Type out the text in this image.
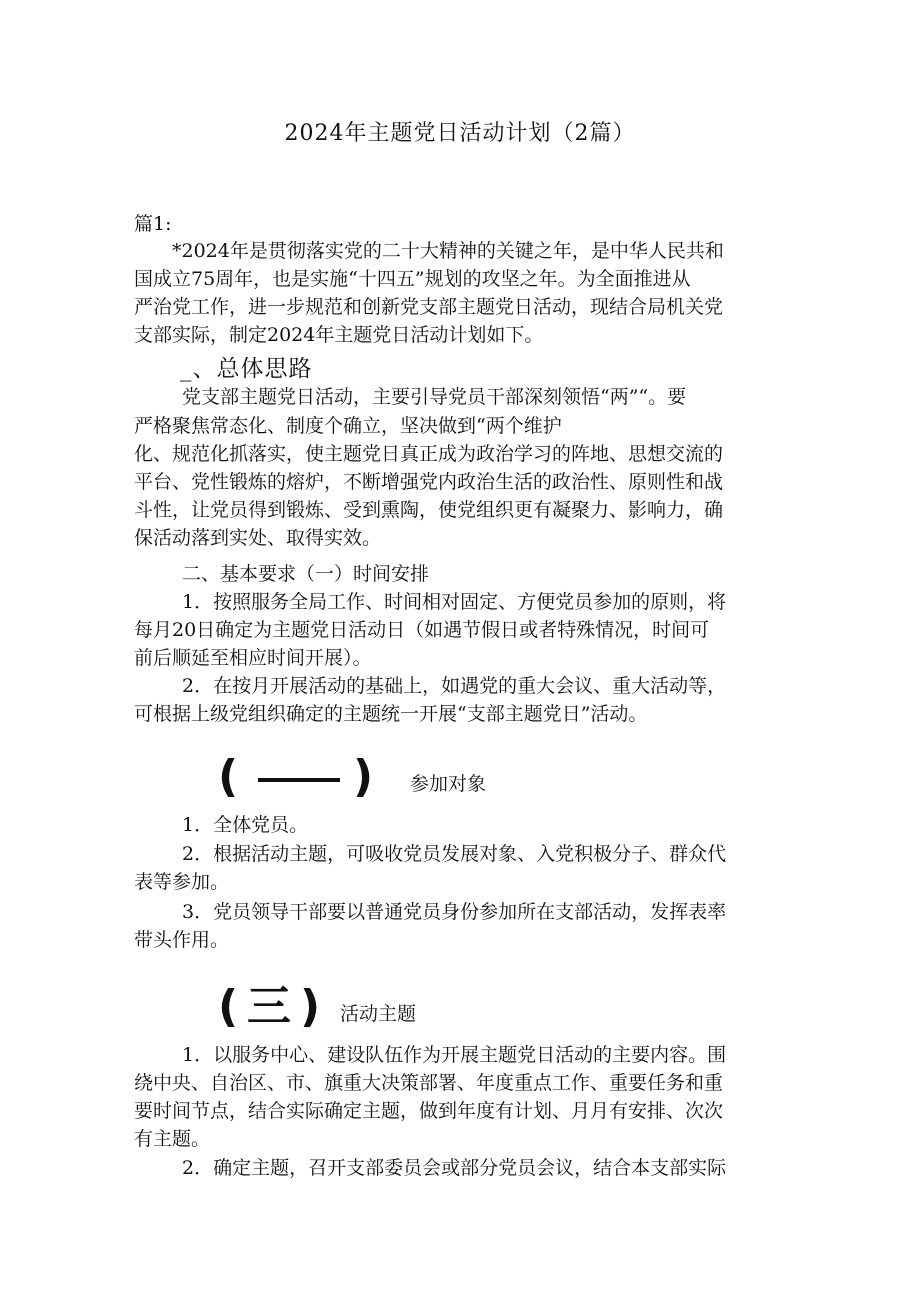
2024年主题党日活动计划（2篇）
篇1:
*2024年是贯彻落实党的二十大精神的关键之年，是中华人民共和
国成立75周年，也是实施“十四五”规划的攻坚之年。为全面推进从
严治党工作，进一步规范和创新党支部主题党日活动，现结合局机关党
支部实际，制定2024年主题党日活动计划如下。
_、总体思路
党支部主题党日活动，主要引导党员干部深刻领悟“两”“。要
严格聚焦常态化、制度个确立，坚决做到“两个维护
化、规范化抓落实，使主题党日真正成为政治学习的阵地、思想交流的
平台、党性锻炼的熔炉，不断增强党内政治生活的政治性、原则性和战
斗性，让党员得到锻炼、受到熏陶，使党组织更有凝聚力、影响力，确
保活动落到实处、取得实效。
二、基本要求（一）时间安排
1．按照服务全局工作、时间相对固定、方便党员参加的原则，将
每月20日确定为主题党日活动日（如遇节假日或者特殊情况，时间可
前后顺延至相应时间开展）。
2．在按月开展活动的基础上，如遇党的重大会议、重大活动等，
可根据上级党组织确定的主题统一开展“支部主题党日”活动。
(	) 参加对象
1．全体党员。
2．根据活动主题，可吸收党员发展对象、入党积极分子、群众代
表等参加。
3．党员领导干部要以普通党员身份参加所在支部活动，发挥表率
带头作用。
( 三 ) 活动主题
1．以服务中心、建设队伍作为开展主题党日活动的主要内容。围
绕中央、自治区、市、旗重大决策部署、年度重点工作、重要任务和重
要时间节点，结合实际确定主题，做到年度有计划、月月有安排、次次
有主题。
2．确定主题，召开支部委员会或部分党员会议，结合本支部实际
